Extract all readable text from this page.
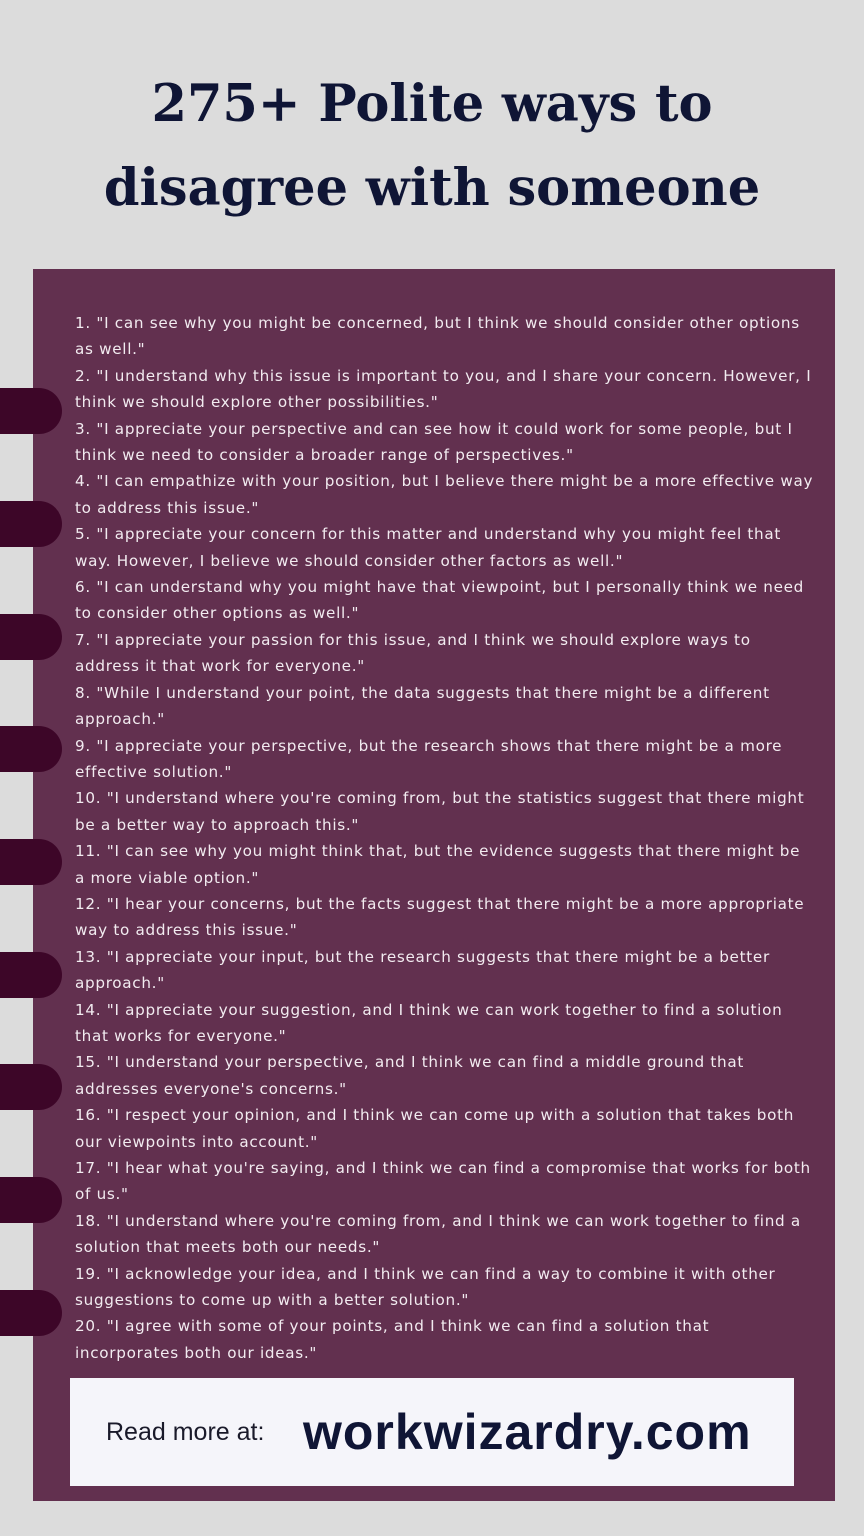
275+ Polite ways to
disagree with someone
1. "I can see why you might be concerned, but I think we should consider other options as well."
2. "I understand why this issue is important to you, and I share your concern. However, I think we should explore other possibilities."
3. "I appreciate your perspective and can see how it could work for some people, but I think we need to consider a broader range of perspectives."
4. "I can empathize with your position, but I believe there might be a more effective way to address this issue."
5. "I appreciate your concern for this matter and understand why you might feel that way. However, I believe we should consider other factors as well."
6. "I can understand why you might have that viewpoint, but I personally think we need to consider other options as well."
7. "I appreciate your passion for this issue, and I think we should explore ways to address it that work for everyone."
8. "While I understand your point, the data suggests that there might be a different approach."
9. "I appreciate your perspective, but the research shows that there might be a more effective solution."
10. "I understand where you're coming from, but the statistics suggest that there might be a better way to approach this."
11. "I can see why you might think that, but the evidence suggests that there might be a more viable option."
12. "I hear your concerns, but the facts suggest that there might be a more appropriate way to address this issue."
13. "I appreciate your input, but the research suggests that there might be a better approach."
14. "I appreciate your suggestion, and I think we can work together to find a solution that works for everyone."
15. "I understand your perspective, and I think we can find a middle ground that addresses everyone's concerns."
16. "I respect your opinion, and I think we can come up with a solution that takes both our viewpoints into account."
17. "I hear what you're saying, and I think we can find a compromise that works for both of us."
18. "I understand where you're coming from, and I think we can work together to find a solution that meets both our needs."
19. "I acknowledge your idea, and I think we can find a way to combine it with other suggestions to come up with a better solution."
20. "I agree with some of your points, and I think we can find a solution that incorporates both our ideas."
Read more at: workwizardry.com
